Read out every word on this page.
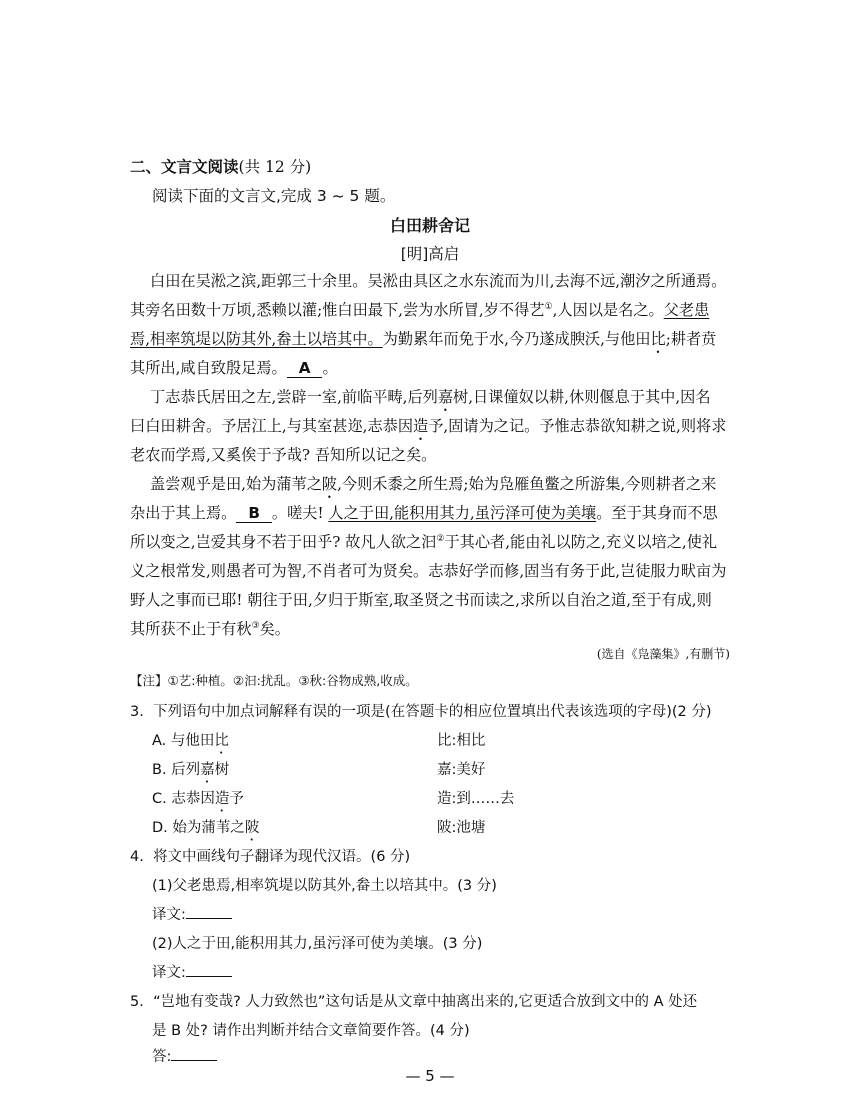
二、文言文阅读(共 12 分)
阅读下面的文言文,完成 3 ~ 5 题。
白田耕舍记
[明]高启
白田在吴淞之滨,距郭三十余里。吴淞由具区之水东流而为川,去海不远,潮汐之所通焉。
其旁名田数十万顷,悉赖以灌;惟白田最下,尝为水所冒,岁不得艺①,人因以是名之。父老患
焉,相率筑堤以防其外,畚土以培其中。为勤累年而免于水,今乃遂成腴沃,与他田比;耕者贲
其所出,咸自致殷足焉。 A 。
丁志恭氏居田之左,尝辟一室,前临平畴,后列嘉树,日课僮奴以耕,休则偃息于其中,因名
曰白田耕舍。予居江上,与其室甚迩,志恭因造予,固请为之记。予惟志恭欲知耕之说,则将求
老农而学焉,又奚俟于予哉? 吾知所以记之矣。
盖尝观乎是田,始为蒲苇之陂,今则禾黍之所生焉;始为凫雁鱼鳖之所游集,今则耕者之来
杂出于其上焉。 B 。嗟夫! 人之于田,能积用其力,虽污泽可使为美壤。至于其身而不思
所以变之,岂爱其身不若于田乎? 故凡人欲之汩②于其心者,能由礼以防之,充义以培之,使礼
义之根常发,则愚者可为智,不肖者可为贤矣。志恭好学而修,固当有务于此,岂徒服力畎亩为
野人之事而已耶! 朝往于田,夕归于斯室,取圣贤之书而读之,求所以自治之道,至于有成,则
其所获不止于有秋③矣。
(选自《凫藻集》,有删节)
【注】①艺:种植。②汩:扰乱。③秋:谷物成熟,收成。
3. 下列语句中加点词解释有误的一项是(在答题卡的相应位置填出代表该选项的字母)(2 分)
A. 与他田比	比:相比
B. 后列嘉树	嘉:美好
C. 志恭因造予	造:到……去
D. 始为蒲苇之陂	陂:池塘
4. 将文中画线句子翻译为现代汉语。(6 分)
(1)父老患焉,相率筑堤以防其外,畚土以培其中。(3 分)
译文:
(2)人之于田,能积用其力,虽污泽可使为美壤。(3 分)
译文:
5. “岂地有变哉? 人力致然也”这句话是从文章中抽离出来的,它更适合放到文中的 A 处还
是 B 处? 请作出判断并结合文章简要作答。(4 分)
答:
— 5 —
